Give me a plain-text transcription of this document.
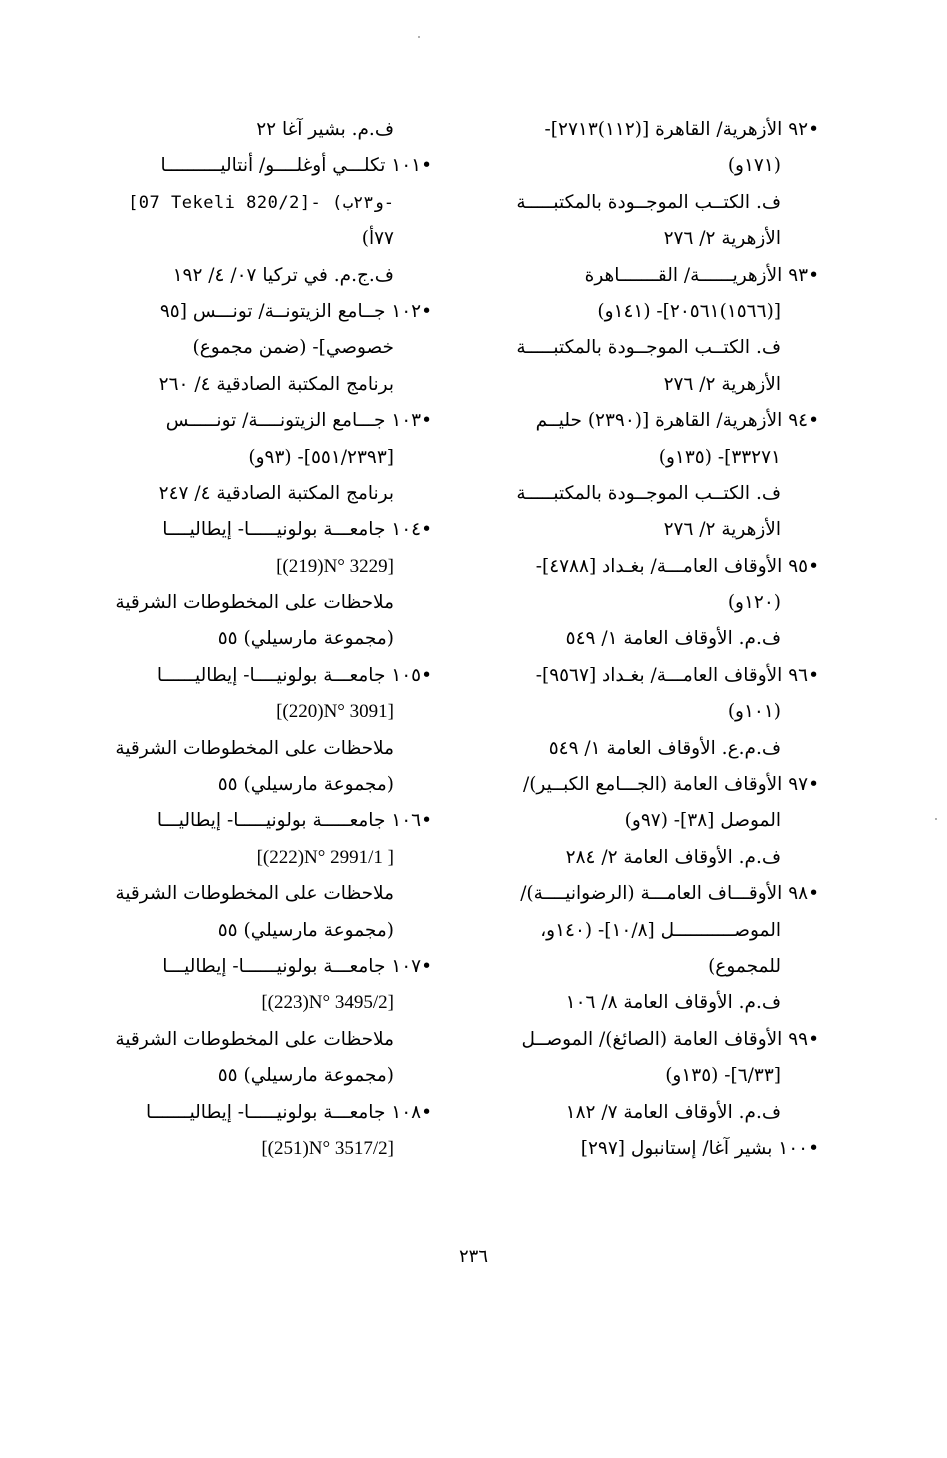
•٩٢ الأزهرية/ القاهرة [(١١٢)٢٧١٣]-
(١٧١و)
ف. الكتــب الموجــودة بالمكتبـــــة
الأزهرية ٢/ ٢٧٦
•٩٣ الأزهريــــــة/ القـــــــاهرة
[(١٥٦٦)٢٠٥٦١]- (١٤١و)
ف. الكتــب الموجــودة بالمكتبـــــة
الأزهرية ٢/ ٢٧٦
•٩٤ الأزهرية/ القاهرة [(٢٣٩٠) حليــم
٣٣٢٧١]- (١٣٥و)
ف. الكتــب الموجــودة بالمكتبـــــة
الأزهرية ٢/ ٢٧٦
•٩٥ الأوقاف العامـــة/ بغـداد [٤٧٨٨]-
(١٢٠و)
ف.م. الأوقاف العامة ١/ ٥٤٩
•٩٦ الأوقاف العامـــة/ بغـداد [٩٥٦٧]-
(١٠١و)
ف.م.ع. الأوقاف العامة ١/ ٥٤٩
•٩٧ الأوقاف العامة (الجـــامع الكبــير)/
الموصل [٣٨]- (٩٧و)
ف.م. الأوقاف العامة ٢/ ٢٨٤
•٩٨ الأوقـــاف العامـــة (الرضوانيــــة)/
الموصـــــــــــل [١٠/٨]- (١٤٠و،
للمجموع)
ف.م. الأوقاف العامة ٨/ ١٠٦
•٩٩ الأوقاف العامة (الصائغ)/ الموصــل
[٦/٣٣]- (١٣٥و)
ف.م. الأوقاف العامة ٧/ ١٨٢
•١٠٠ بشير آغا/ إستانبول [٢٩٧]
ف.م. بشير آغا ٢٢
•١٠١ تكلـــي أوغلــــو/ أنتاليــــــــــا
[07 Tekeli 820/2]- (و٢٣ب-
٧٧أ)
ف.ج.م. في تركيا ٠٧/ ٤/ ١٩٢
•١٠٢ جــامع الزيتونــة/ تونـــس [٩٥
خصوصي]- (ضمن مجموع)
برنامج المكتبة الصادقية ٤/ ٢٦٠
•١٠٣ جـــامع الزيتونــــة/ تونـــــس
[٥٥١/٢٣٩٣]- (٩٣و)
برنامج المكتبة الصادقية ٤/ ٢٤٧
•١٠٤ جامعـــة بولونيـــــا- إيطاليــــا
[(219)N° 3229]
ملاحظات على المخطوطات الشرقية
(مجموعة مارسيلي) ٥٥
•١٠٥ جامعـــة بولونيــــا- إيطاليــــــا
[(220)N° 3091]
ملاحظات على المخطوطات الشرقية
(مجموعة مارسيلي) ٥٥
•١٠٦ جامعـــــة بولونيـــــا- إيطاليـــا
[(222)N° 2991/1 ]
ملاحظات على المخطوطات الشرقية
(مجموعة مارسيلي) ٥٥
•١٠٧ جامعـــة بولونيــــــا- إيطاليـــا
[(223)N° 3495/2]
ملاحظات على المخطوطات الشرقية
(مجموعة مارسيلي) ٥٥
•١٠٨ جامعـــة بولونيـــــا- إيطاليـــــــا
[(251)N° 3517/2]
٢٣٦
